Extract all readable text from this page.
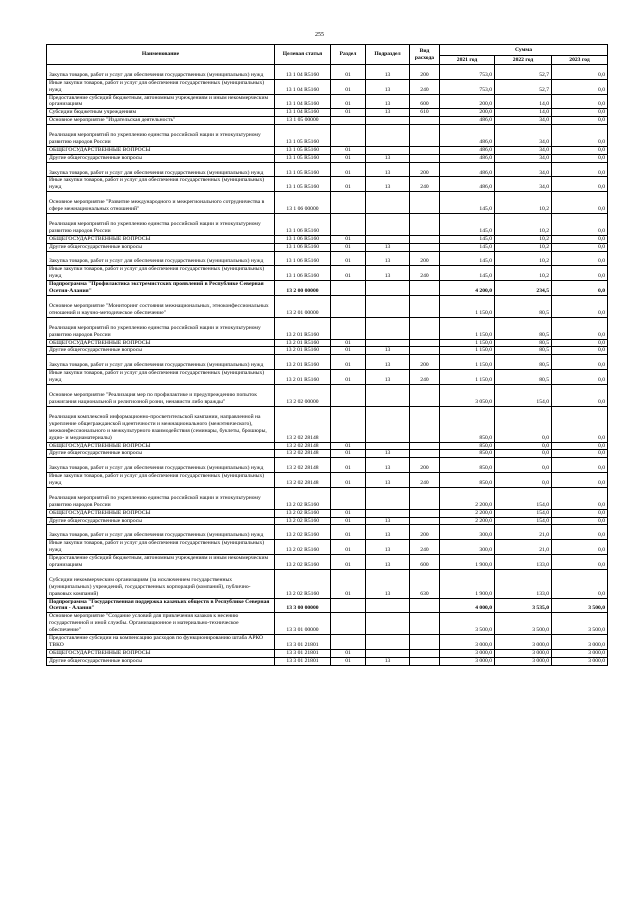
255
Наименование	Целевая статья	Раздел	Подраздел	Вид расхода	Сумма		
					2021 год	2022 год	2023 год
Закупка товаров, работ и услуг для обеспечения государственных (муниципальных) нужд	13 1 04 R5160	01	13	200	753,0	52,7	0,0
Иные закупки товаров, работ и услуг для обеспечения государственных (муниципальных) нужд	13 1 04 R5160	01	13	240	753,0	52,7	0,0
Предоставление субсидий бюджетным, автономным учреждениям и иным некоммерческим организациям	13 1 04 R5160	01	13	600	200,0	14,0	0,0
Субсидии бюджетным учреждениям	13 1 04 R5160	01	13	610	200,0	14,0	0,0
Основное мероприятие "Издательская деятельность"	13 1 05 00000				486,0	34,0	0,0
Реализация мероприятий по укреплению единства российской нации и этнокультурному развитию народов России	13 1 05 R5160				486,0	34,0	0,0
ОБЩЕГОСУДАРСТВЕННЫЕ ВОПРОСЫ	13 1 05 R5160	01			486,0	34,0	0,0
Другие общегосударственные вопросы	13 1 05 R5160	01	13		486,0	34,0	0,0
Закупка товаров, работ и услуг для обеспечения государственных (муниципальных) нужд	13 1 05 R5160	01	13	200	486,0	34,0	0,0
Иные закупки товаров, работ и услуг для обеспечения государственных (муниципальных) нужд	13 1 05 R5160	01	13	240	486,0	34,0	0,0
Основное мероприятие "Развитие международного и межрегионального сотрудничества в сфере межнациональных отношений"	13 1 06 00000				145,0	10,2	0,0
Реализация мероприятий по укреплению единства российской нации и этнокультурному развитию народов России	13 1 06 R5160				145,0	10,2	0,0
ОБЩЕГОСУДАРСТВЕННЫЕ ВОПРОСЫ	13 1 06 R5160	01			145,0	10,2	0,0
Другие общегосударственные вопросы	13 1 06 R5160	01	13		145,0	10,2	0,0
Закупка товаров, работ и услуг для обеспечения государственных (муниципальных) нужд	13 1 06 R5160	01	13	200	145,0	10,2	0,0
Иные закупки товаров, работ и услуг для обеспечения государственных (муниципальных) нужд	13 1 06 R5160	01	13	240	145,0	10,2	0,0
Подпрограмма "Профилактика экстремистских проявлений в Республике Северная Осетия-Алания"	13 2 00 00000				4 200,0	234,5	0,0
Основное мероприятие "Мониторинг состояния межнациональных, этноконфессиональных отношений и научно-методическое обеспечение"	13 2 01 00000				1 150,0	80,5	0,0
Реализация мероприятий по укреплению единства российской нации и этнокультурному развитию народов России	13 2 01 R5160				1 150,0	80,5	0,0
ОБЩЕГОСУДАРСТВЕННЫЕ ВОПРОСЫ	13 2 01 R5160	01			1 150,0	80,5	0,0
Другие общегосударственные вопросы	13 2 01 R5160	01	13		1 150,0	80,5	0,0
Закупка товаров, работ и услуг для обеспечения государственных (муниципальных) нужд	13 2 01 R5160	01	13	200	1 150,0	80,5	0,0
Иные закупки товаров, работ и услуг для обеспечения государственных (муниципальных) нужд	13 2 01 R5160	01	13	240	1 150,0	80,5	0,0
Основное мероприятие "Реализация мер по профилактике и предупреждению попыток разжигания национальной и религиозной розни, ненависти либо вражды"	13 2 02 00000				3 050,0	154,0	0,0
Реализация комплексной информационно-просветительской кампании, направленной на укрепление общегражданской идентичности и межнационального (межэтнического), межконфессионального и межкультурного взаимодействия (семинары, буклеты, брошюры, аудио- и медиаматериалы)	13 2 02 28148				850,0	0,0	0,0
ОБЩЕГОСУДАРСТВЕННЫЕ ВОПРОСЫ	13 2 02 28148	01			850,0	0,0	0,0
Другие общегосударственные вопросы	13 2 02 28148	01	13		850,0	0,0	0,0
Закупка товаров, работ и услуг для обеспечения государственных (муниципальных) нужд	13 2 02 28148	01	13	200	850,0	0,0	0,0
Иные закупки товаров, работ и услуг для обеспечения государственных (муниципальных) нужд	13 2 02 28148	01	13	240	850,0	0,0	0,0
Реализация мероприятий по укреплению единства российской нации и этнокультурному развитию народов России	13 2 02 R5160				2 200,0	154,0	0,0
ОБЩЕГОСУДАРСТВЕННЫЕ ВОПРОСЫ	13 2 02 R5160	01			2 200,0	154,0	0,0
Другие общегосударственные вопросы	13 2 02 R5160	01	13		2 200,0	154,0	0,0
Закупка товаров, работ и услуг для обеспечения государственных (муниципальных) нужд	13 2 02 R5160	01	13	200	300,0	21,0	0,0
Иные закупки товаров, работ и услуг для обеспечения государственных (муниципальных) нужд	13 2 02 R5160	01	13	240	300,0	21,0	0,0
Предоставление субсидий бюджетным, автономным учреждениям и иным некоммерческим организациям	13 2 02 R5160	01	13	600	1 900,0	133,0	0,0
Субсидии некоммерческим организациям (за исключением государственных (муниципальных) учреждений, государственных корпораций (компаний), публично-правовых компаний)	13 2 02 R5160	01	13	630	1 900,0	133,0	0,0
Подпрограмма "Государственная поддержка казачьих обществ в Республике Северная Осетия - Алания"	13 3 00 00000				4 000,0	3 535,0	3 500,0
Основное мероприятие "Создание условий для привлечения казаков к несению государственной и иной службы. Организационное и материально-техническое обеспечение"	13 3 01 00000				3 500,0	3 500,0	3 500,0
Предоставление субсидии на компенсацию расходов по функционированию штаба АРКО ТВКО	13 3 01 21801				3 000,0	3 000,0	3 000,0
ОБЩЕГОСУДАРСТВЕННЫЕ ВОПРОСЫ	13 3 01 21801	01			3 000,0	3 000,0	3 000,0
Другие общегосударственные вопросы	13 3 01 21801	01	13		3 000,0	3 000,0	3 000,0
